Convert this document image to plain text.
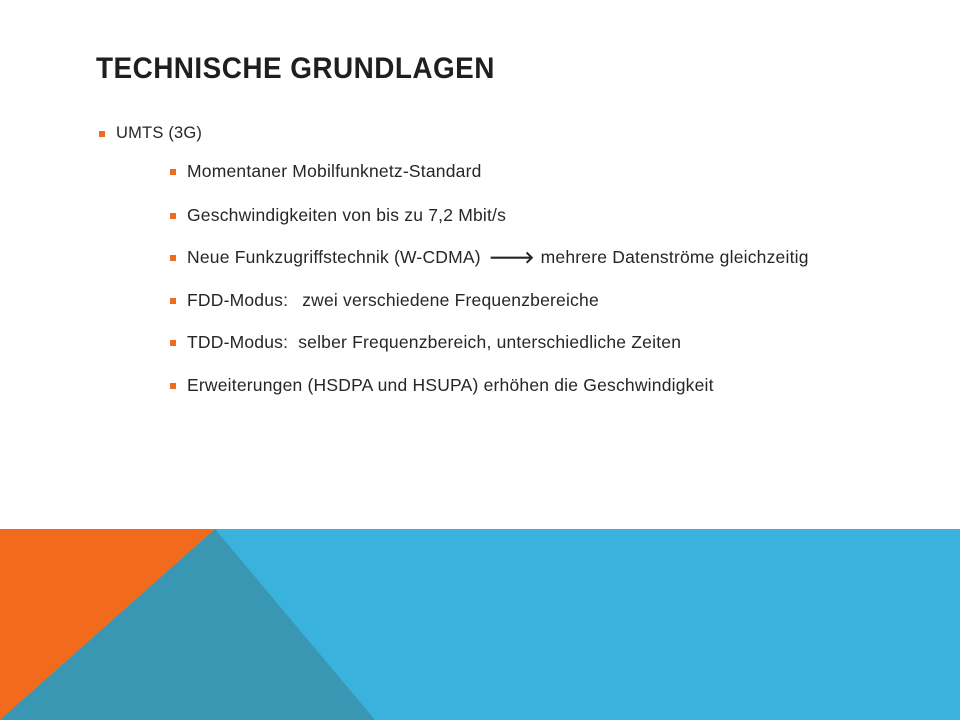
TECHNISCHE GRUNDLAGEN
UMTS (3G)
Momentaner Mobilfunknetz-Standard
Geschwindigkeiten von bis zu 7,2 Mbit/s
Neue Funkzugriffstechnik (W-CDMA) 🡒 mehrere Datenströme gleichzeitig
FDD-Modus: zwei verschiedene Frequenzbereiche
TDD-Modus: selber Frequenzbereich, unterschiedliche Zeiten
Erweiterungen (HSDPA und HSUPA) erhöhen die Geschwindigkeit
